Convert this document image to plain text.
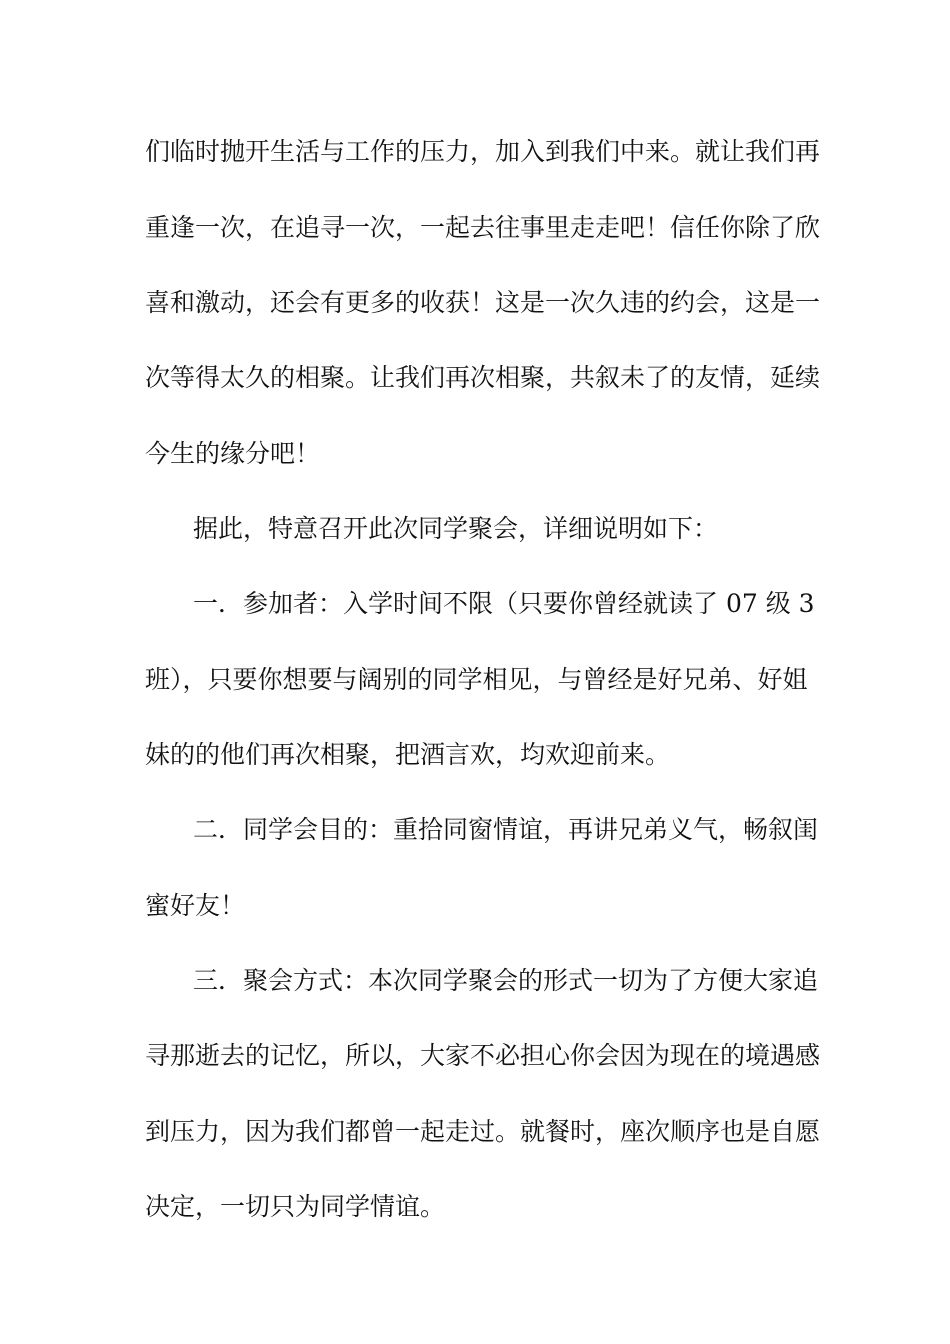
们临时抛开生活与工作的压力，加入到我们中来。就让我们再
重逢一次，在追寻一次，一起去往事里走走吧！信任你除了欣
喜和激动，还会有更多的收获！这是一次久违的约会，这是一
次等得太久的相聚。让我们再次相聚，共叙未了的友情，延续
今生的缘分吧！
据此，特意召开此次同学聚会，详细说明如下：
一．参加者：入学时间不限（只要你曾经就读了 07 级 3
班），只要你想要与阔别的同学相见，与曾经是好兄弟、好姐
妹的的他们再次相聚，把酒言欢，均欢迎前来。
二．同学会目的：重拾同窗情谊，再讲兄弟义气，畅叙闺
蜜好友！
三．聚会方式：本次同学聚会的形式一切为了方便大家追
寻那逝去的记忆，所以，大家不必担心你会因为现在的境遇感
到压力，因为我们都曾一起走过。就餐时，座次顺序也是自愿
决定，一切只为同学情谊。
